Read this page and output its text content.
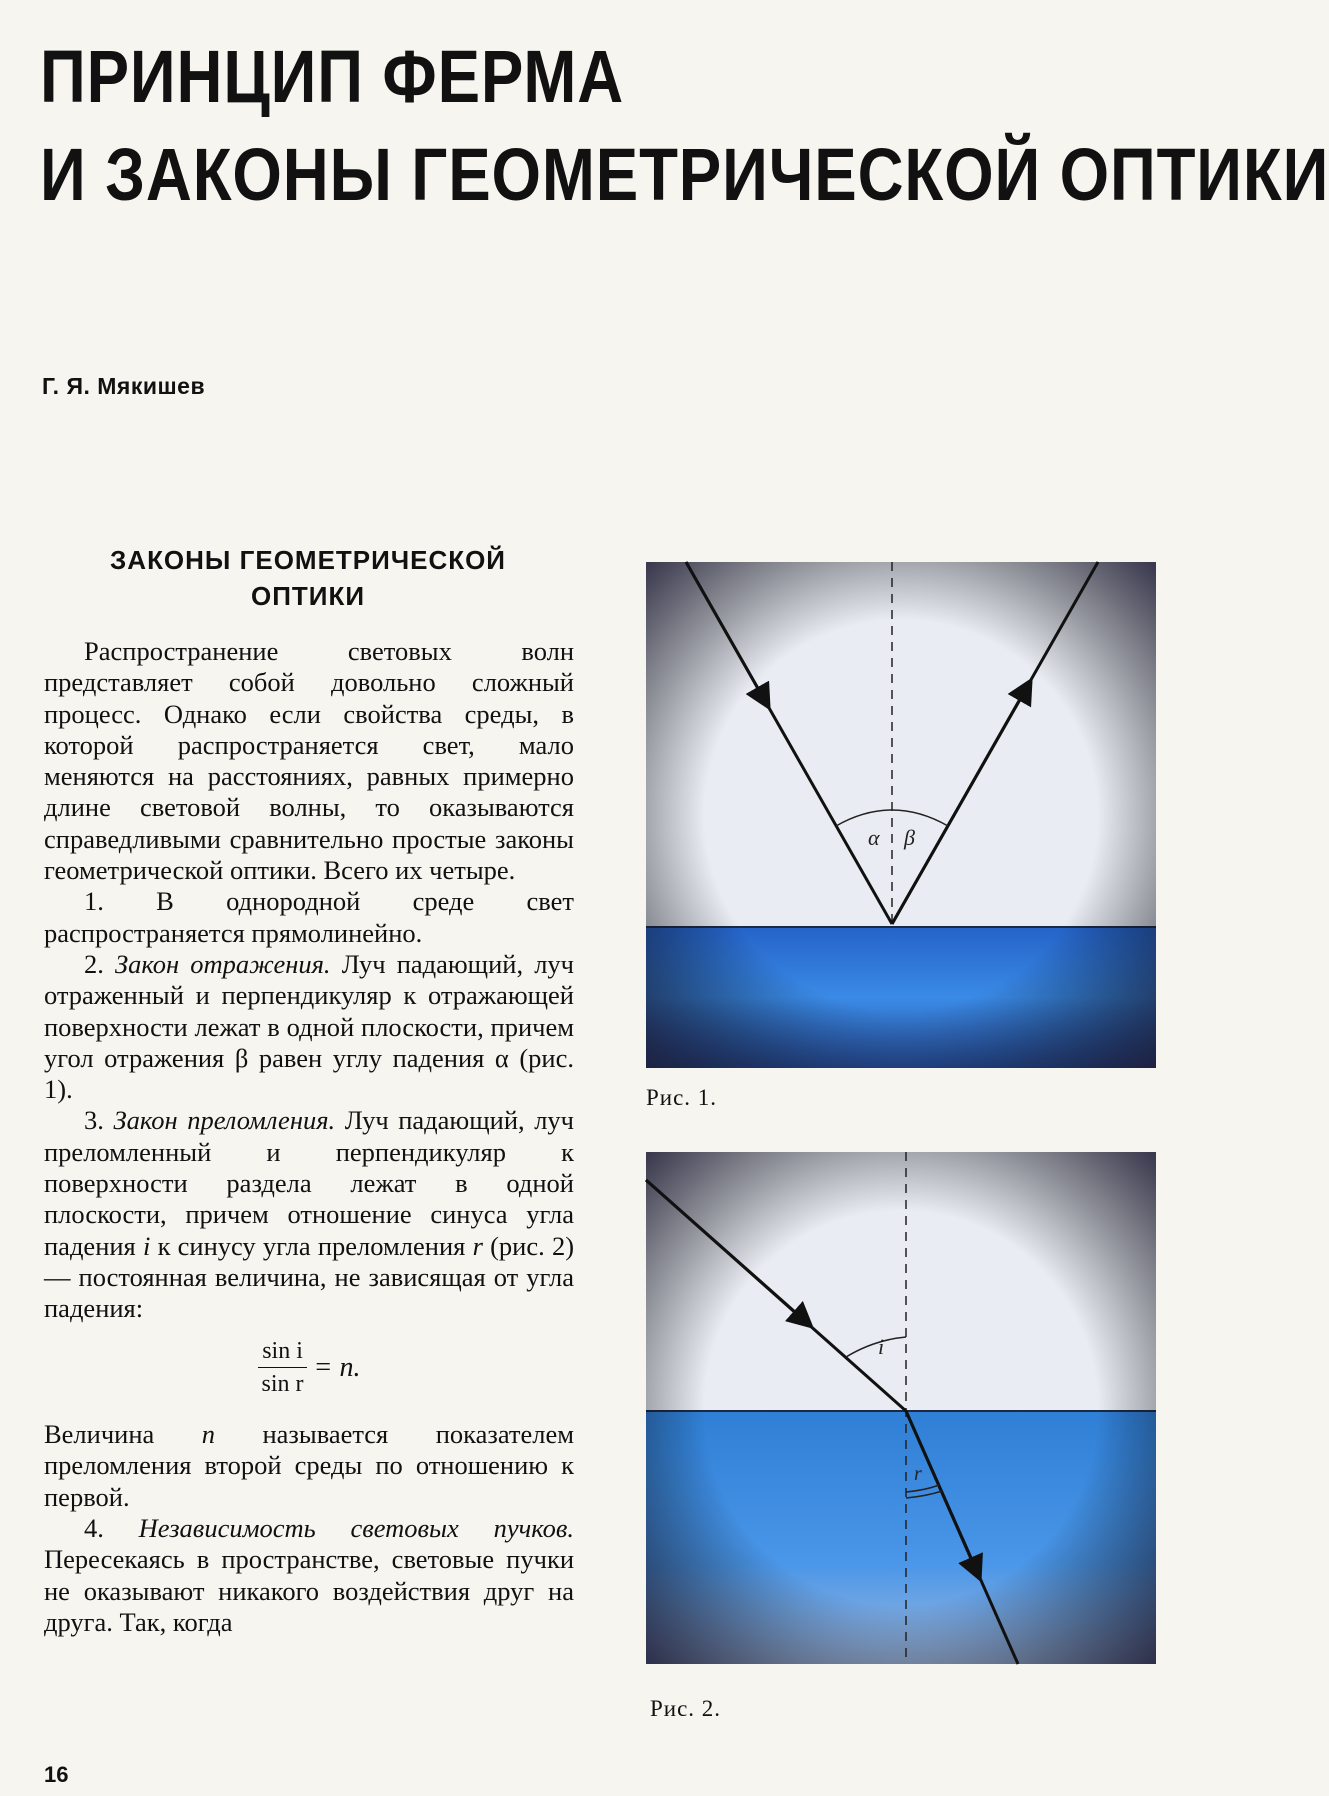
ПРИНЦИП ФЕРМА
И ЗАКОНЫ ГЕОМЕТРИЧЕСКОЙ ОПТИКИ
Г. Я. Мякишев
ЗАКОНЫ ГЕОМЕТРИЧЕСКОЙ
ОПТИКИ

Распространение световых волн представляет собой довольно сложный процесс. Однако если свойства среды, в которой распространяется свет, мало меняются на расстояниях, равных примерно длине световой волны, то оказываются справедливыми сравнительно простые законы геометрической оптики. Всего их четыре.

1. В однородной среде свет распространяется прямолинейно.

2. Закон отражения. Луч падающий, луч отраженный и перпендикуляр к отражающей поверхности лежат в одной плоскости, причем угол отражения β равен углу падения α (рис. 1).

3. Закон преломления. Луч падающий, луч преломленный и перпендикуляр к поверхности раздела лежат в одной плоскости, причем отношение синуса угла падения i к синусу угла преломления r (рис. 2) — постоянная величина, не зависящая от угла падения:

$\frac{\text{sin i}}{\text{sin r}} = n$.

Величина n называется показателем преломления второй среды по отношению к первой.

4. Независимость световых пучков. Пересекаясь в пространстве, световые пучки не оказывают никакого воздействия друг на друга. Так, когда

α β
Рис. 1.
i
r
Рис. 2.
16
